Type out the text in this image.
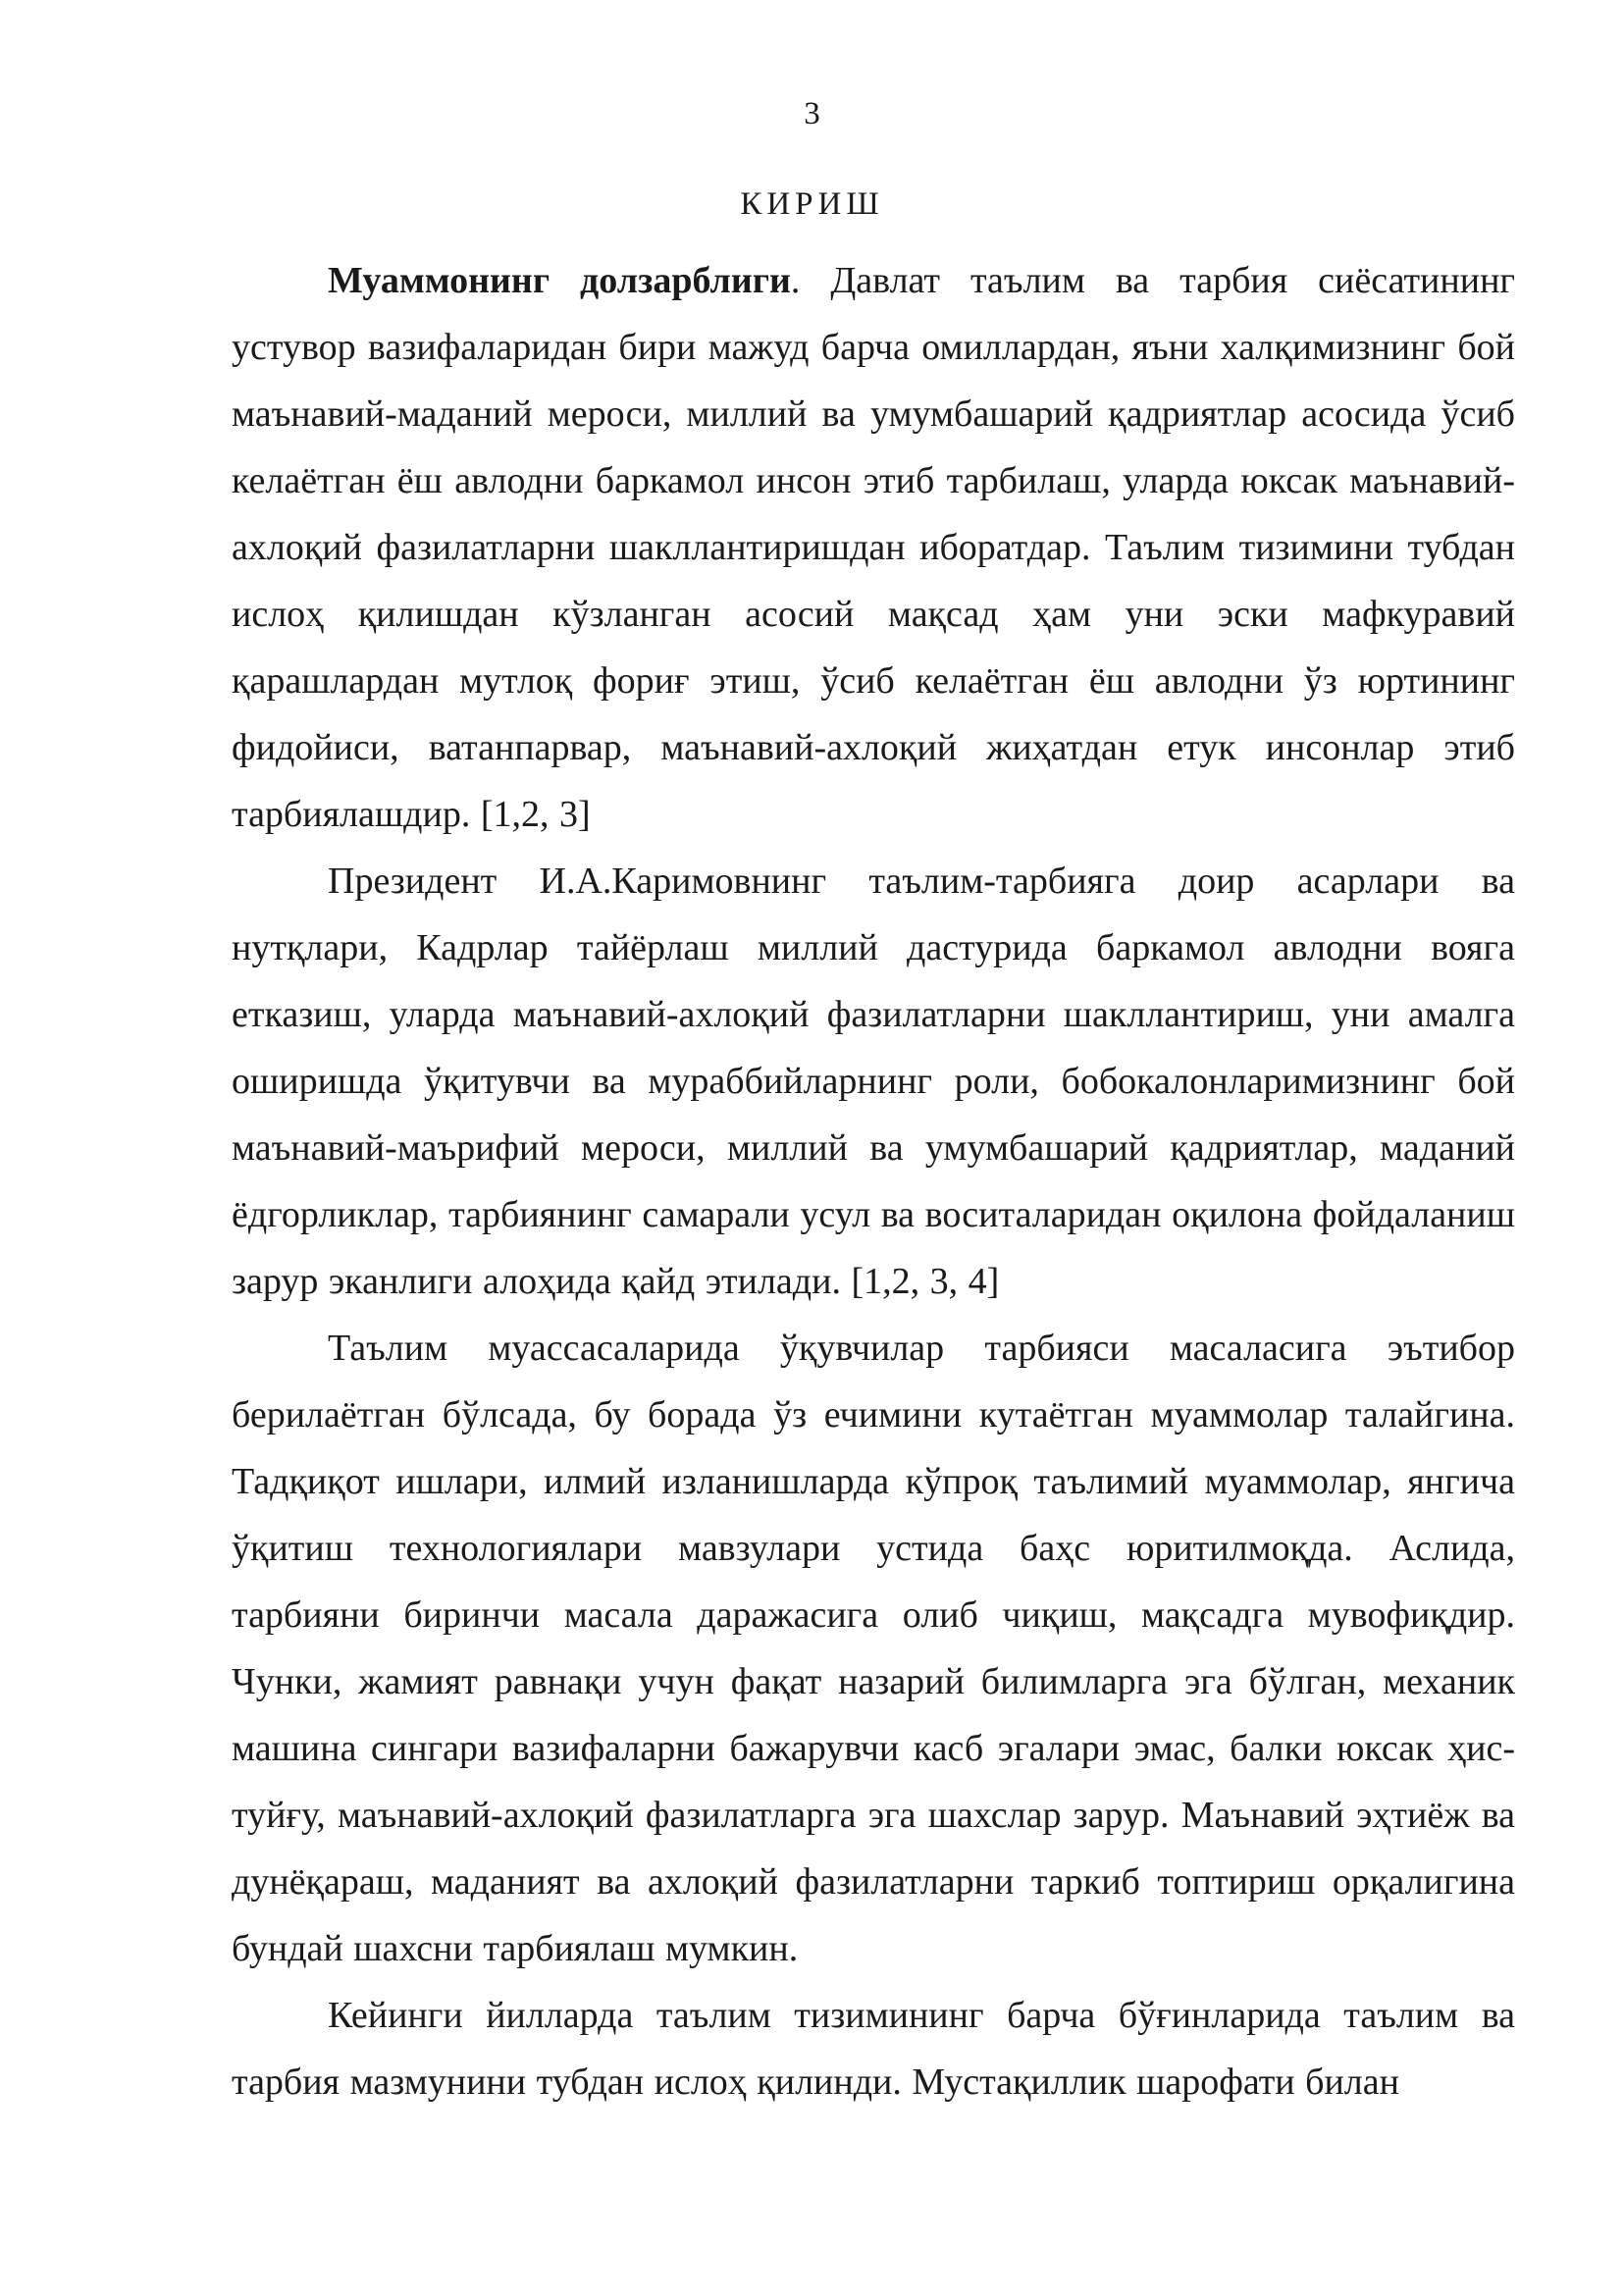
3
КИРИШ

Муаммонинг долзарблиги. Давлат таълим ва тарбия сиёсатининг устувор вазифаларидан бири мажуд барча омиллардан, яъни халқимизнинг бой маънавий-маданий мероси, миллий ва умумбашарий қадриятлар асосида ўсиб келаётган ёш авлодни баркамол инсон этиб тарбилаш, уларда юксак маънавий-ахлоқий фазилатларни шакллантиришдан иборатдар. Таълим тизимини тубдан ислоҳ қилишдан кўзланган асосий мақсад ҳам уни эски мафкуравий қарашлардан мутлоқ фориғ этиш, ўсиб келаётган ёш авлодни ўз юртининг фидойиси, ватанпарвар, маънавий-ахлоқий жиҳатдан етук инсонлар этиб тарбиялашдир. [1,2, 3]

Президент И.А.Каримовнинг таълим-тарбияга доир асарлари ва нутқлари, Кадрлар тайёрлаш миллий дастурида баркамол авлодни вояга етказиш, уларда маънавий-ахлоқий фазилатларни шакллантириш, уни амалга оширишда ўқитувчи ва мураббийларнинг роли, бобокалонларимизнинг бой маънавий-маърифий мероси, миллий ва умумбашарий қадриятлар, маданий ёдгорликлар, тарбиянинг самарали усул ва воситаларидан оқилона фойдаланиш зарур эканлиги алоҳида қайд этилади. [1,2, 3, 4]

Таълим муассасаларида ўқувчилар тарбияси масаласига эътибор берилаётган бўлсада, бу борада ўз ечимини кутаётган муаммолар талайгина. Тадқиқот ишлари, илмий изланишларда кўпроқ таълимий муаммолар, янгича ўқитиш технологиялари мавзулари устида баҳс юритилмоқда. Аслида, тарбияни биринчи масала даражасига олиб чиқиш, мақсадга мувофиқдир. Чунки, жамият равнақи учун фақат назарий билимларга эга бўлган, механик машина сингари вазифаларни бажарувчи касб эгалари эмас, балки юксак ҳис-туйғу, маънавий-ахлоқий фазилатларга эга шахслар зарур. Маънавий эҳтиёж ва дунёқараш, маданият ва ахлоқий фазилатларни таркиб топтириш орқалигина бундай шахсни тарбиялаш мумкин.

Кейинги йилларда таълим тизимининг барча бўғинларида таълим ва тарбия мазмунини тубдан ислоҳ қилинди. Мустақиллик шарофати билан
